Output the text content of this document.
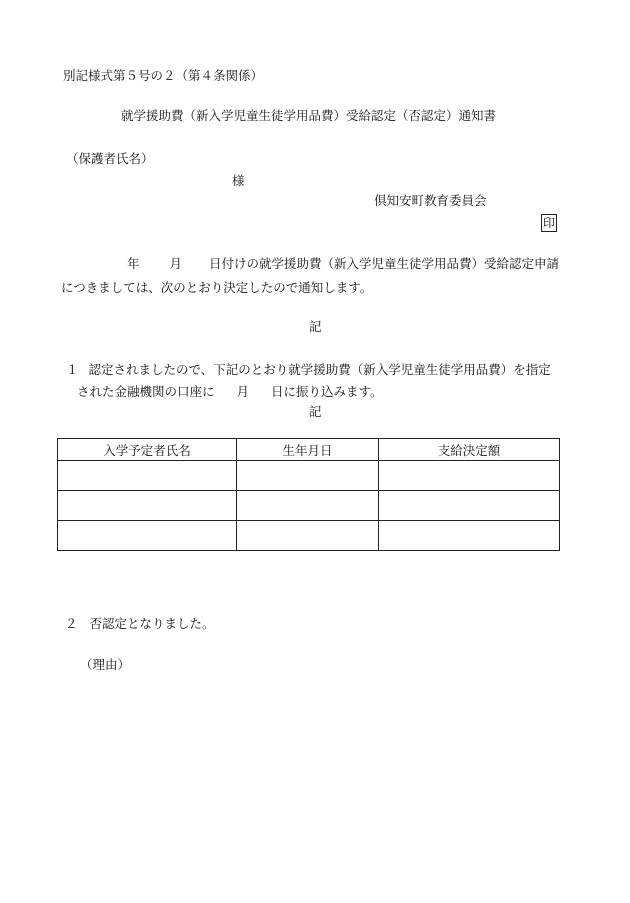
別記様式第５号の２（第４条関係）
就学援助費（新入学児童生徒学用品費）受給認定（否認定）通知書
（保護者氏名）
様
倶知安町教育委員会
印
年 月 日付けの就学援助費（新入学児童生徒学用品費）受給認定申請
につきましては、次のとおり決定したので通知します。
記
１ 認定されましたので、下記のとおり就学援助費（新入学児童生徒学用品費）を指定
された金融機関の口座に 月 日に振り込みます。
記
入学予定者氏名	生年月日	支給決定額

２ 否認定となりました。
（理由）
